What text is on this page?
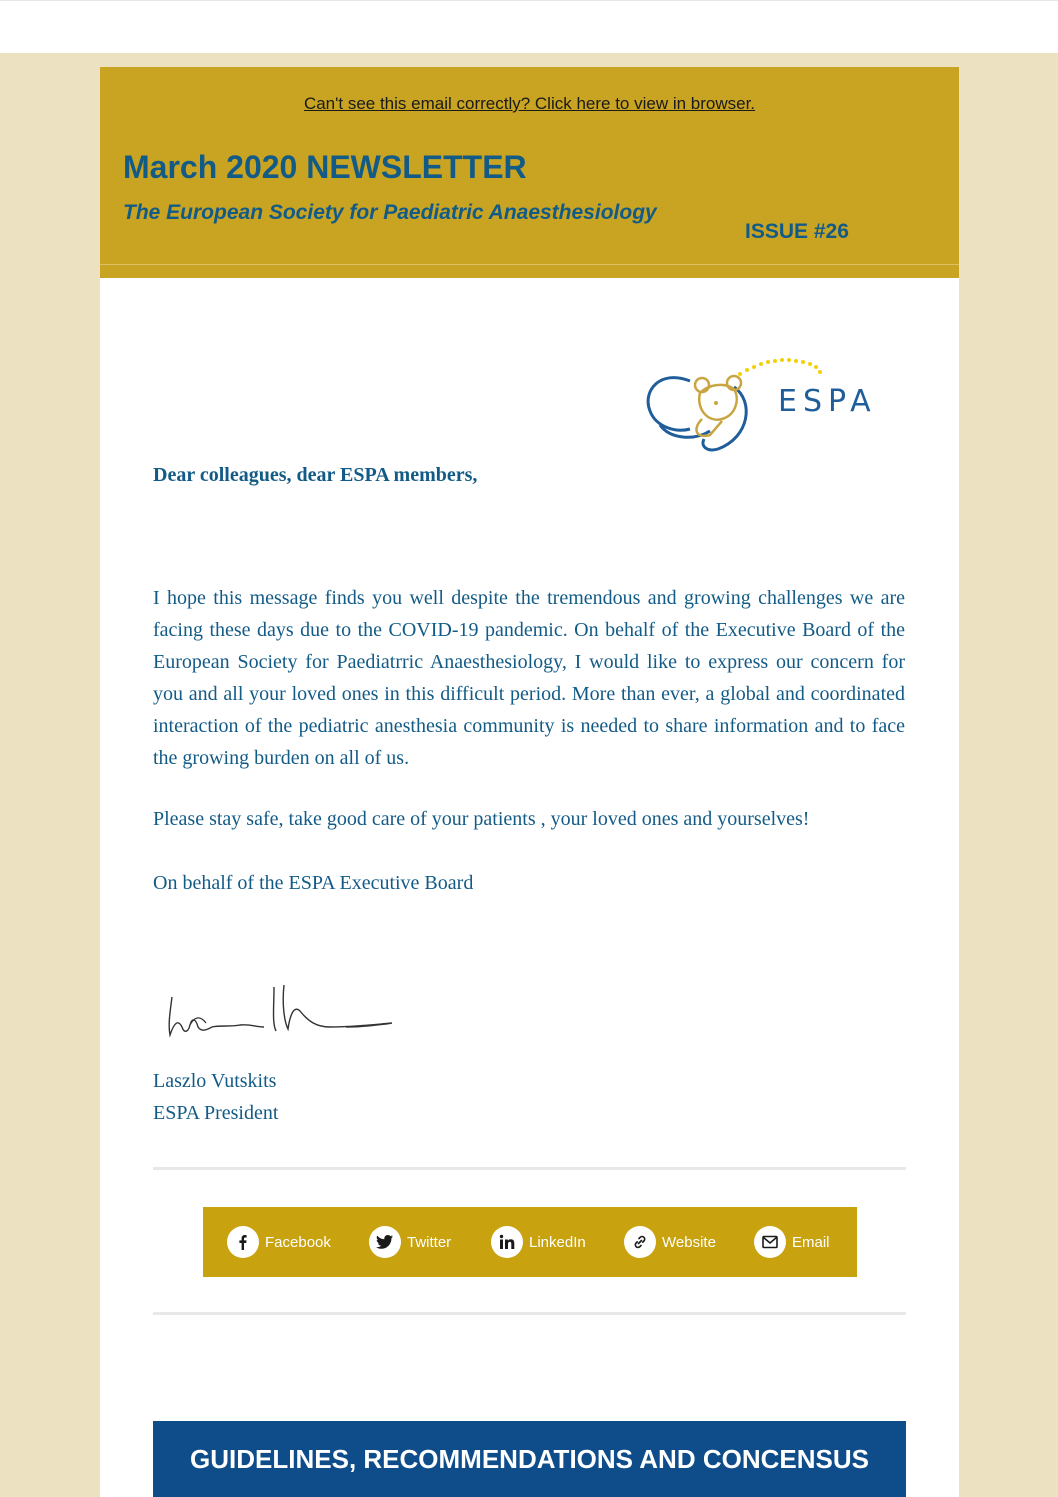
Can't see this email correctly? Click here to view in browser.
March 2020 NEWSLETTER
The European Society for Paediatric Anaesthesiology
ISSUE #26
ESPA
Dear colleagues, dear ESPA members,
I hope this message finds you well despite the tremendous and growing challenges we are facing these days due to the COVID-19 pandemic. On behalf of the Executive Board of the European Society for Paediatrric Anaesthesiology, I would like to express our concern for you and all your loved ones in this difficult period. More than ever, a global and coordinated interaction of the pediatric anesthesia community is needed to share information and to face the growing burden on all of us.
Please stay safe, take good care of your patients , your loved ones and yourselves!
On behalf of the ESPA Executive Board
Laszlo Vutskits
ESPA President
Facebook	Twitter	LinkedIn	Website	Email
GUIDELINES, RECOMMENDATIONS AND CONCENSUS
